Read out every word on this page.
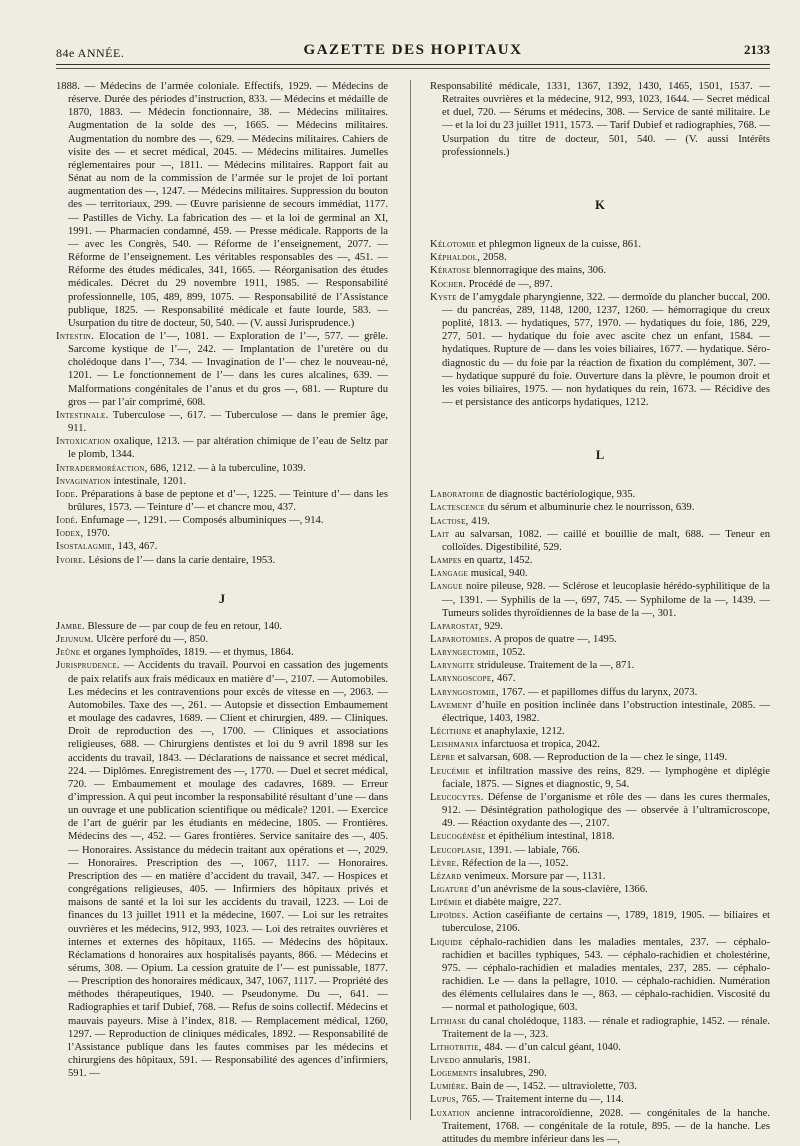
84e ANNÉE.	GAZETTE DES HOPITAUX	2133

1888. — Médecins de l’armée coloniale. Effectifs, 1929. — Médecins de réserve. Durée des périodes d’instruction, 833. — Médecins et médaille de 1870, 1883. — Médecin fonctionnaire, 38. — Médecins militaires. Augmentation de la solde des —, 1665. — Médecins militaires. Augmentation du nombre des —, 629. — Médecins militaires. Cahiers de visite des — et secret médical, 2045. — Médecins militaires. Jumelles réglementaires pour —, 1811. — Médecins militaires. Rapport fait au Sénat au nom de la commission de l’armée sur le projet de loi portant augmentation des —, 1247. — Médecins militaires. Suppression du bouton des — territoriaux, 299. — Œuvre parisienne de secours immédiat, 1177. — Pastilles de Vichy. La fabrication des — et la loi de germinal an XI, 1991. — Pharmacien condamné, 459. — Presse médicale. Rapports de la — avec les Congrès, 540. — Réforme de l’enseignement, 2077. — Réforme de l’enseignement. Les véritables responsables des —, 451. — Réforme des études médicales, 341, 1665. — Réorganisation des études médicales. Décret du 29 novembre 1911, 1985. — Responsabilité professionnelle, 105, 489, 899, 1075. — Responsabilité de l’Assistance publique, 1825. — Responsabilité médicale et faute lourde, 583. — Usurpation du titre de docteur, 50, 540. — (V. aussi Jurisprudence.)

Intestin. Elocation de l’—, 1081. — Exploration de l’—, 577. — grêle. Sarcome kystique de l’—, 242. — Implantation de l’uretère ou du cholédoque dans l’—, 734. — Invagination de l’— chez le nouveau-né, 1201. — Le fonctionnement de l’— dans les cures alcalines, 639. — Malformations congénitales de l’anus et du gros —, 681. — Rupture du gros — par l’air comprimé, 608.

Intestinale. Tuberculose —, 617. — Tuberculose — dans le premier âge, 911.

Intoxication oxalique, 1213. — par altération chimique de l’eau de Seltz par le plomb, 1344.

Intradermoréaction, 686, 1212. — à la tuberculine, 1039.

Invagination intestinale, 1201.

Iode. Préparations à base de peptone et d’—, 1225. — Teinture d’— dans les brûlures, 1573. — Teinture d’— et chancre mou, 437.

Iodé. Enfumage —, 1291. — Composés albuminiques —, 914.

Iodex, 1970.

Isostalagmie, 143, 467.

Ivoire. Lésions de l’— dans la carie dentaire, 1953.

J

Jambe. Blessure de — par coup de feu en retour, 140.

Jejunum. Ulcère perforé du —, 850.

Jeûne et organes lymphoïdes, 1819. — et thymus, 1864.

Jurisprudence. — Accidents du travail. Pourvoi en cassation des jugements de paix relatifs aux frais médicaux en matière d’—, 2107. — Automobiles. Les médecins et les contraventions pour excès de vitesse en —, 2063. — Automobiles. Taxe des —, 261. — Autopsie et dissection Embaumement et moulage des cadavres, 1689. — Client et chirurgien, 489. — Cliniques. Droit de reproduction des —, 1700. — Cliniques et associations religieuses, 688. — Chirurgiens dentistes et loi du 9 avril 1898 sur les accidents du travail, 1843. — Déclarations de naissance et secret médical, 224. — Diplômes. Enregistrement des —, 1770. — Duel et secret médical, 720. — Embaumement et moulage des cadavres, 1689. — Erreur d’impression. A qui peut incomber la responsabilité résultant d’une — dans un ouvrage et une publication scientifique ou médicale? 1201. — Exercice de l’art de guérir par les étudiants en médecine, 1805. — Frontières. Médecins des —, 452. — Gares frontières. Service sanitaire des —, 405. — Honoraires. Assistance du médecin traitant aux opérations et —, 2029. — Honoraires. Prescription des —, 1067, 1117. — Honoraires. Prescription des — en matière d’accident du travail, 347. — Hospices et congrégations religieuses, 405. — Infirmiers des hôpitaux privés et maisons de santé et la loi sur les accidents du travail, 1223. — Loi de finances du 13 juillet 1911 et la médecine, 1607. — Loi sur les retraites ouvrières et les médecins, 912, 993, 1023. — Loi des retraites ouvrières et internes et externes des hôpitaux, 1165. — Médecins des hôpitaux. Réclamations d honoraires aux hospitalisés payants, 866. — Médecins et sérums, 308. — Opium. La cession gratuite de l’— est punissable, 1877. — Prescription des honoraires médicaux, 347, 1067, 1117. — Propriété des méthodes thérapeutiques, 1940. — Pseudonyme. Du —, 641. — Radiographies et tarif Dubief, 768. — Refus de soins collectif. Médecins et mauvais payeurs. Mise à l’index, 818. — Remplacement médical, 1260, 1297. — Reproduction de cliniques médicales, 1892. — Responsabilité de l’Assistance publique dans les fautes commises par les médecins et chirurgiens des hôpitaux, 591. — Responsabilité des agences d’infirmiers, 591. —

Responsabilité médicale, 1331, 1367, 1392, 1430, 1465, 1501, 1537. — Retraites ouvrières et la médecine, 912, 993, 1023, 1644. — Secret médical et duel, 720. — Sérums et médecins, 308. — Service de santé militaire. Le — et la loi du 23 juillet 1911, 1573. — Tarif Dubief et radiographies, 768. — Usurpation du titre de docteur, 501, 540. — (V. aussi Intérêts professionnels.)

K

Kélotomie et phlegmon ligneux de la cuisse, 861.

Képhaldol, 2058.

Kératose blennorragique des mains, 306.

Kocher. Procédé de —, 897.

Kyste de l’amygdale pharyngienne, 322. — dermoïde du plancher buccal, 200. — du pancréas, 289, 1148, 1200, 1237, 1260. — hémorragique du creux poplité, 1813. — hydatiques, 577, 1970. — hydatiques du foie, 186, 229, 277, 501. — hydatique du foie avec ascite chez un enfant, 1584. — hydatiques. Rupture de — dans les voies biliaires, 1677. — hydatique. Séro-diagnostic du — du foie par la réaction de fixation du complément, 307. — — hydatique suppuré du foie. Ouverture dans la plèvre, le poumon droit et les voies biliaires, 1975. — non hydatiques du rein, 1673. — Récidive des — et persistance des anticorps hydatiques, 1212.

L

Laboratoire de diagnostic bactériologique, 935.

Lactescence du sérum et albuminurie chez le nourrisson, 639.

Lactose, 419.

Lait au salvarsan, 1082. — caillé et bouillie de malt, 688. — Teneur en colloïdes. Digestibilité, 529.

Lampes en quartz, 1452.

Langage musical, 940.

Langue noire pileuse, 928. — Sclérose et leucoplasie hérédo-syphilitique de la —, 1391. — Syphilis de la —, 697, 745. — Syphilome de la —, 1439. — Tumeurs solides thyroïdiennes de la base de la —, 301.

Laparostat, 929.

Laparotomies. A propos de quatre —, 1495.

Laryngectomie, 1052.

Laryngite striduleuse. Traitement de la —, 871.

Laryngoscope, 467.

Laryngostomie, 1767. — et papillomes diffus du larynx, 2073.

Lavement d’huile en position inclinée dans l’obstruction intestinale, 2085. — électrique, 1403, 1982.

Lécithine et anaphylaxie, 1212.

Leishmania infarctuosa et tropica, 2042.

Lèpre et salvarsan, 608. — Reproduction de la — chez le singe, 1149.

Leucémie et infiltration massive des reins, 829. — lymphogène et diplégie faciale, 1875. — Signes et diagnostic, 9, 54.

Leucocytes. Défense de l’organisme et rôle des — dans les cures thermales, 912. — Désintégration pathologique des — observée à l’ultramicroscope, 49. — Réaction oxydante des —, 2107.

Leucogénèse et épithélium intestinal, 1818.

Leucoplasie, 1391. — labiale, 766.

Lèvre. Réfection de la —, 1052.

Lézard venimeux. Morsure par —, 1131.

Ligature d’un anévrisme de la sous-clavière, 1366.

Lipémie et diabète maigre, 227.

Lipoïdes. Action caséifiante de certains —, 1789, 1819, 1905. — biliaires et tuberculose, 2106.

Liquide céphalo-rachidien dans les maladies mentales, 237. — céphalo-rachidien et bacilles typhiques, 543. — céphalo-rachidien et cholestérine, 975. — céphalo-rachidien et maladies mentales, 237, 285. — céphalo-rachidien. Le — dans la pellagre, 1010. — céphalo-rachidien. Numération des éléments cellulaires dans le —, 863. — céphalo-rachidien. Viscosité du — normal et pathologique, 603.

Lithiase du canal cholédoque, 1183. — rénale et radiographie, 1452. — rénale. Traitement de la —, 323.

Lithotritie, 484. — d’un calcul géant, 1040.

Livedo annularis, 1981.

Logements insalubres, 290.

Lumière. Bain de —, 1452. — ultraviolette, 703.

Lupus, 765. — Traitement interne du —, 114.

Luxation ancienne intracoroïdienne, 2028. — congénitales de la hanche. Traitement, 1768. — congénitale de la rotule, 895. — de la hanche. Les attitudes du membre inférieur dans les —,
